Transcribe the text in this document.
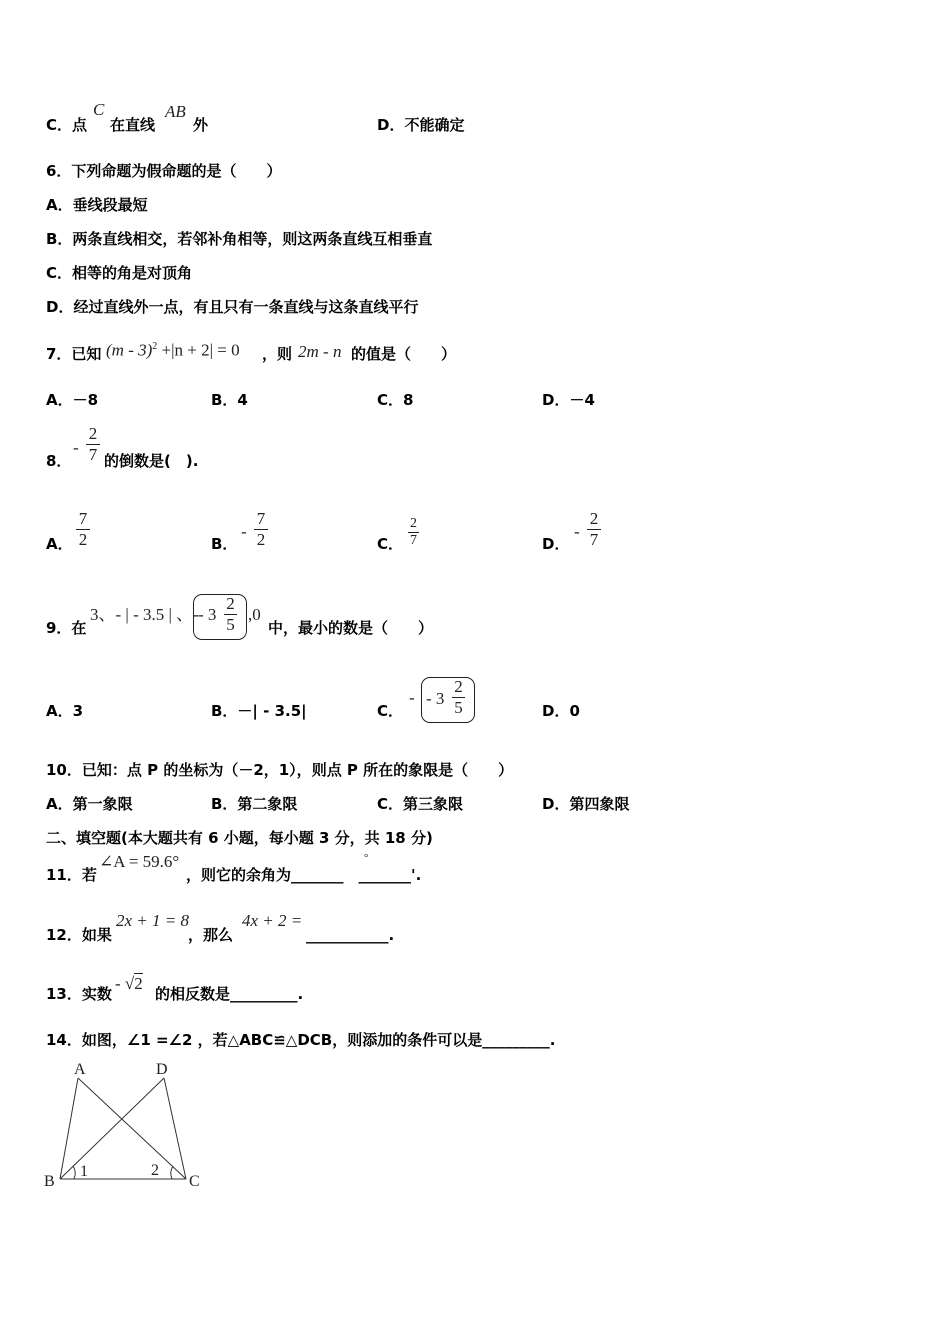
C．点
C
在直线
AB
外	D．不能确定
6．下列命题为假命题的是（　　）
A．垂线段最短
B．两条直线相交，若邻补角相等，则这两条直线互相垂直
C．相等的角是对顶角
D．经过直线外一点，有且只有一条直线与这条直线平行
7．已知 (m - 3)$^2$ +|n + 2| = 0 ，则 2m - n 的值是（　　）
A．－8	B．4	C．8	D．－4
8．
-
2
7 的倒数是(　).
A．
7
2	B．
-
7
2	C．
2
7	D．
-
2
7
9．在
3、- | - 3.5 | 、- - 3
2
5
,0
中，最小的数是（　　）
A．3	B．－| - 3.5|	C．
- - 3
2
5	D．0
10．已知：点 P 的坐标为（－2，1），则点 P 所在的象限是（　　）
A．第一象限	B．第二象限	C．第三象限	D．第四象限
二、填空题(本大题共有 6 小题，每小题 3 分，共 18 分)
11．若
∠A = 59.6°
，则它的余角为_______　_______'.
°
12．如果
2x + 1 = 8
，那么
4x + 2 =
___________.
13．实数
- √2
的相反数是_________.
14．如图，∠1 =∠2 ，若△ABC≌△DCB，则添加的条件可以是_________.
A	D
B	C
1	2
